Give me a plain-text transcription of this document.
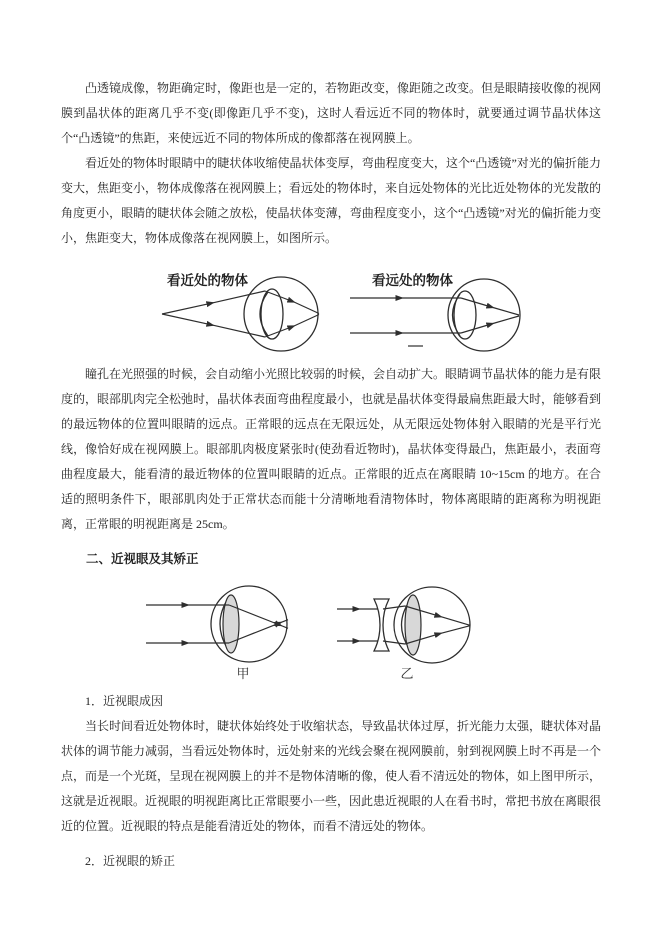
凸透镜成像，物距确定时，像距也是一定的，若物距改变，像距随之改变。但是眼睛接收像的视网膜到晶状体的距离几乎不变(即像距几乎不变)，这时人看远近不同的物体时，就要通过调节晶状体这个“凸透镜”的焦距，来使远近不同的物体所成的像都落在视网膜上。

看近处的物体时眼睛中的睫状体收缩使晶状体变厚，弯曲程度变大，这个“凸透镜”对光的偏折能力变大，焦距变小，物体成像落在视网膜上；看远处的物体时，来自远处物体的光比近处物体的光发散的角度更小，眼睛的睫状体会随之放松，使晶状体变薄，弯曲程度变小，这个“凸透镜”对光的偏折能力变小，焦距变大，物体成像落在视网膜上，如图所示。

看近处的物体	看远处的物体

瞳孔在光照强的时候，会自动缩小光照比较弱的时候，会自动扩大。眼睛调节晶状体的能力是有限度的，眼部肌肉完全松弛时，晶状体表面弯曲程度最小，也就是晶状体变得最扁焦距最大时，能够看到的最远物体的位置叫眼睛的远点。正常眼的远点在无限远处，从无限远处物体射入眼睛的光是平行光线，像恰好成在视网膜上。眼部肌肉极度紧张时(使劲看近物时)，晶状体变得最凸，焦距最小，表面弯曲程度最大，能看清的最近物体的位置叫眼睛的近点。正常眼的近点在离眼睛 10~15cm 的地方。在合适的照明条件下，眼部肌肉处于正常状态而能十分清晰地看清物体时，物体离眼睛的距离称为明视距离，正常眼的明视距离是 25cm。

二、近视眼及其矫正

甲	乙

1．近视眼成因

当长时间看近处物体时，睫状体始终处于收缩状态，导致晶状体过厚，折光能力太强，睫状体对晶状体的调节能力减弱，当看远处物体时，远处射来的光线会聚在视网膜前，射到视网膜上时不再是一个点，而是一个光斑，呈现在视网膜上的并不是物体清晰的像，使人看不清远处的物体，如上图甲所示，这就是近视眼。近视眼的明视距离比正常眼要小一些，因此患近视眼的人在看书时，常把书放在离眼很近的位置。近视眼的特点是能看清近处的物体，而看不清远处的物体。

2．近视眼的矫正
